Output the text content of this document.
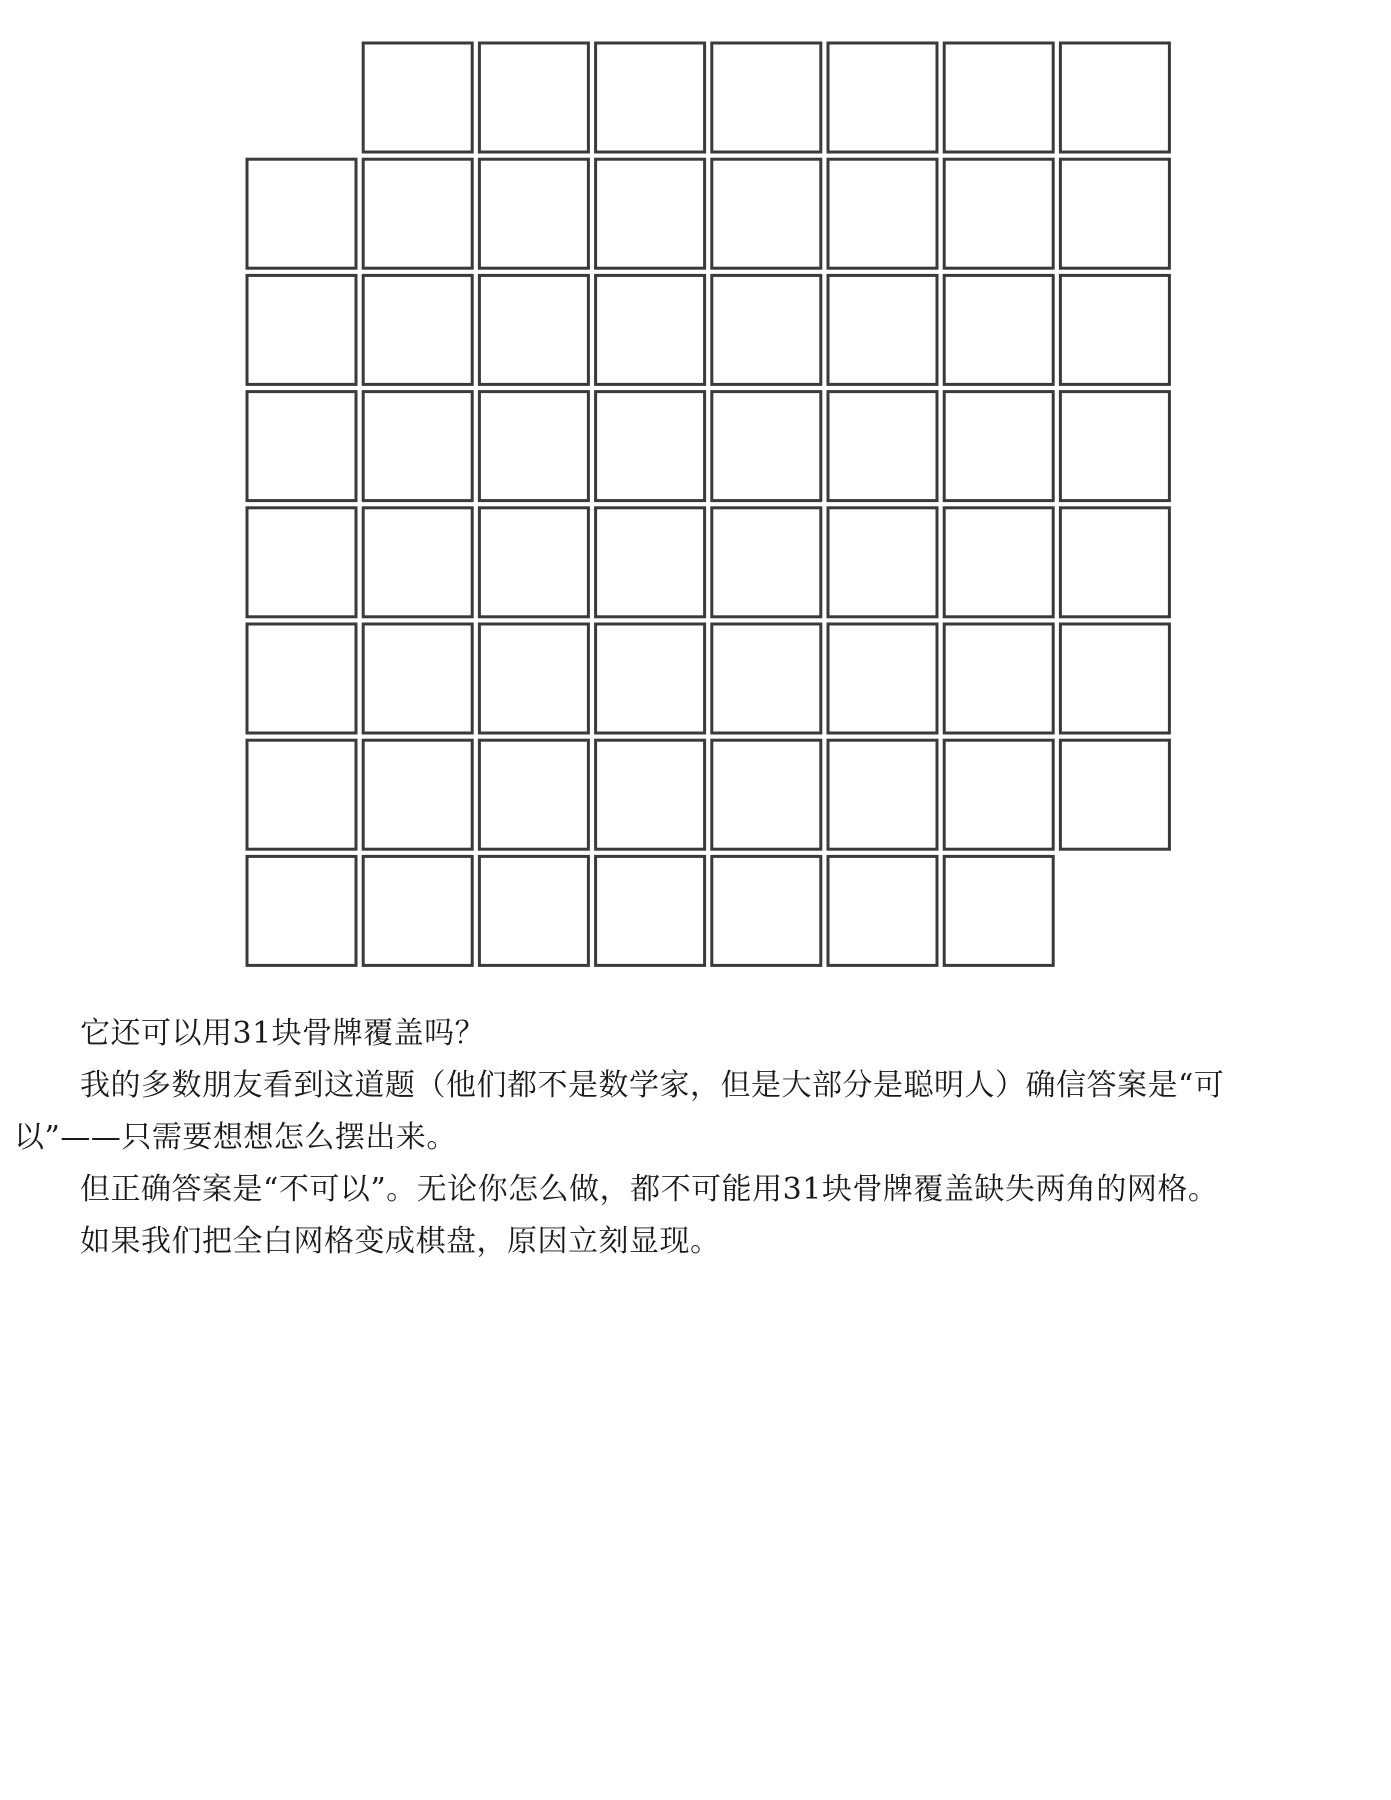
它还可以用31块骨牌覆盖吗？

我的多数朋友看到这道题（他们都不是数学家，但是大部分是聪明人）确信答案是“可
以”——只需要想想怎么摆出来。

但正确答案是“不可以”。无论你怎么做，都不可能用31块骨牌覆盖缺失两角的网格。

如果我们把全白网格变成棋盘，原因立刻显现。
